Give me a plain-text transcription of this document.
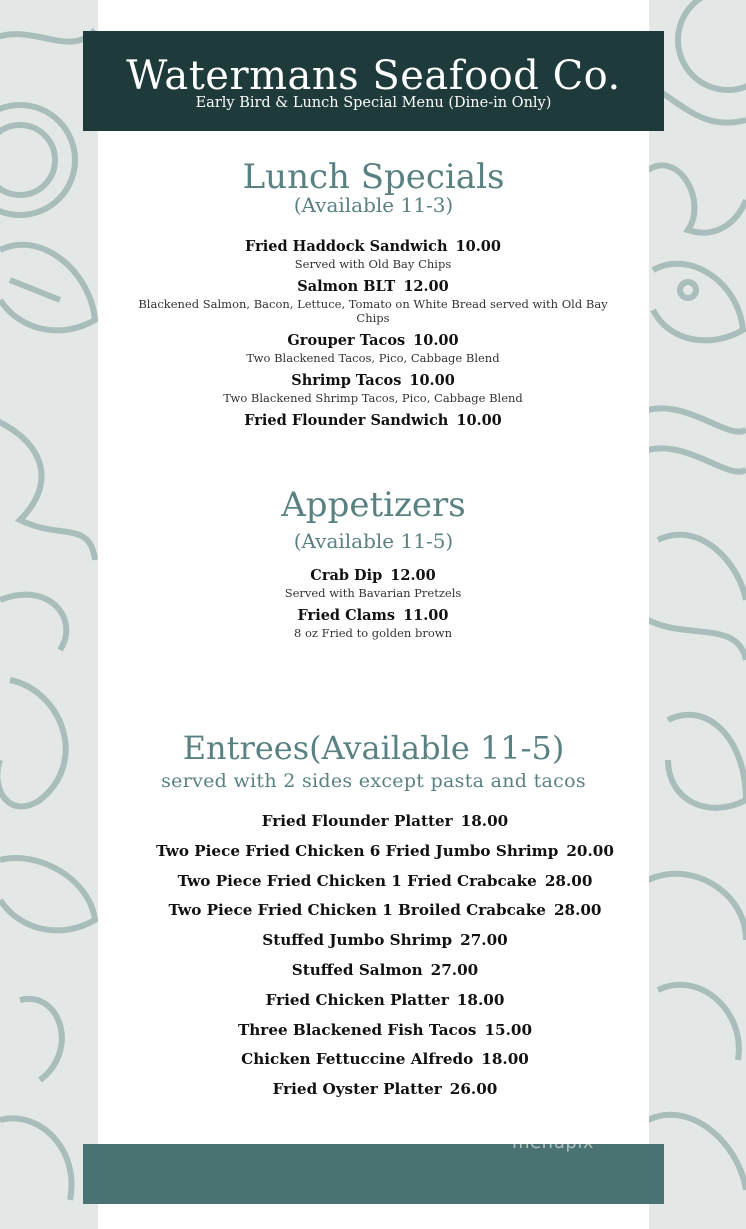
Watermans Seafood Co.
Early Bird & Lunch Special Menu (Dine-in Only)
Lunch Specials
(Available 11-3)
Fried Haddock Sandwich 10.00
Served with Old Bay Chips
Salmon BLT 12.00
Blackened Salmon, Bacon, Lettuce, Tomato on White Bread served with Old Bay Chips
Grouper Tacos 10.00
Two Blackened Tacos, Pico, Cabbage Blend
Shrimp Tacos 10.00
Two Blackened Shrimp Tacos, Pico, Cabbage Blend
Fried Flounder Sandwich 10.00
Appetizers
(Available 11-5)
Crab Dip 12.00
Served with Bavarian Pretzels
Fried Clams 11.00
8 oz Fried to golden brown
Entrees(Available 11-5)
served with 2 sides except pasta and tacos
Fried Flounder Platter 18.00
Two Piece Fried Chicken 6 Fried Jumbo Shrimp 20.00
Two Piece Fried Chicken 1 Fried Crabcake 28.00
Two Piece Fried Chicken 1 Broiled Crabcake 28.00
Stuffed Jumbo Shrimp 27.00
Stuffed Salmon 27.00
Fried Chicken Platter 18.00
Three Blackened Fish Tacos 15.00
Chicken Fettuccine Alfredo 18.00
Fried Oyster Platter 26.00
menupix
